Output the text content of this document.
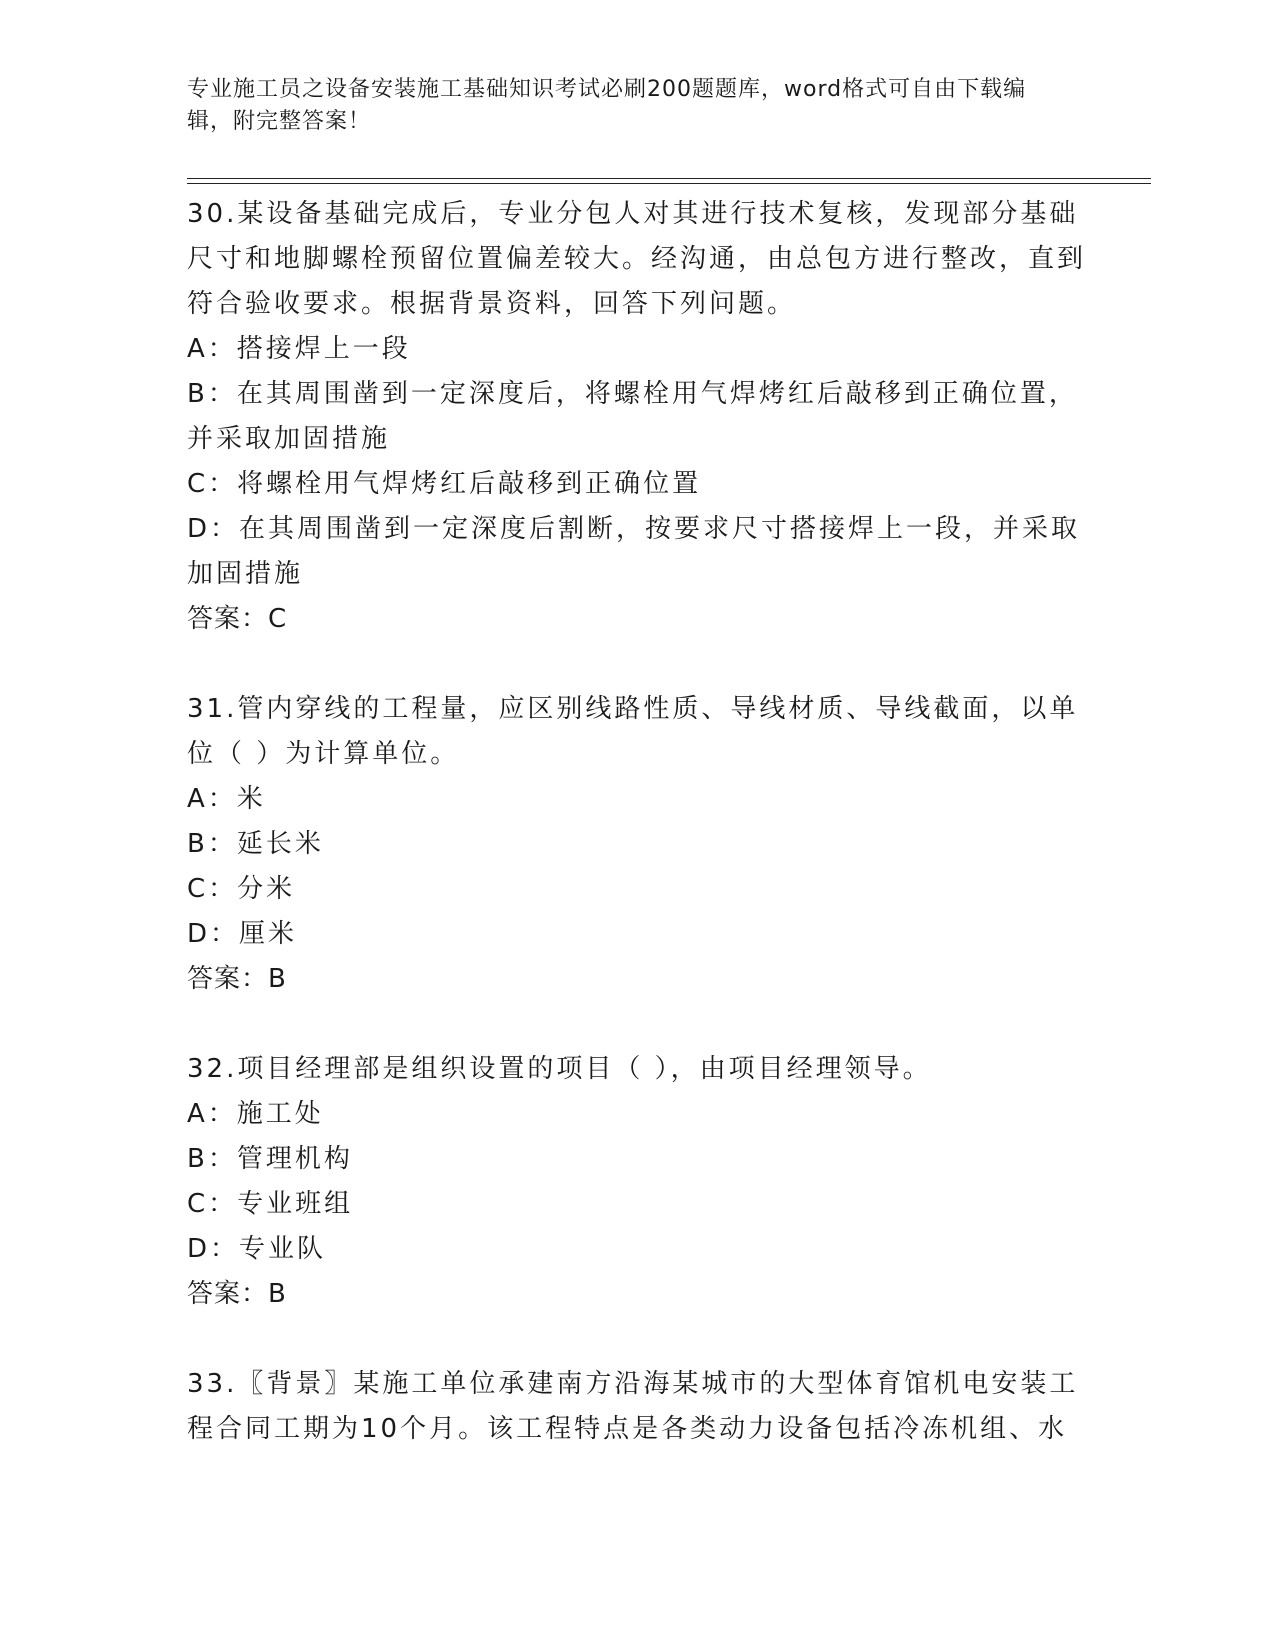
专业施工员之设备安装施工基础知识考试必刷200题题库，word格式可自由下载编辑，附完整答案！

30.某设备基础完成后，专业分包人对其进行技术复核，发现部分基础尺寸和地脚螺栓预留位置偏差较大。经沟通，由总包方进行整改，直到符合验收要求。根据背景资料，回答下列问题。

A：搭接焊上一段

B：在其周围凿到一定深度后，将螺栓用气焊烤红后敲移到正确位置，并采取加固措施

C：将螺栓用气焊烤红后敲移到正确位置

D：在其周围凿到一定深度后割断，按要求尺寸搭接焊上一段，并采取加固措施

答案：C

31.管内穿线的工程量，应区别线路性质、导线材质、导线截面，以单位（ ）为计算单位。

A：米

B：延长米

C：分米

D：厘米

答案：B

32.项目经理部是组织设置的项目（ ），由项目经理领导。

A：施工处

B：管理机构

C：专业班组

D：专业队

答案：B

33.〖背景〗某施工单位承建南方沿海某城市的大型体育馆机电安装工程合同工期为10个月。该工程特点是各类动力设备包括冷冻机组、水
